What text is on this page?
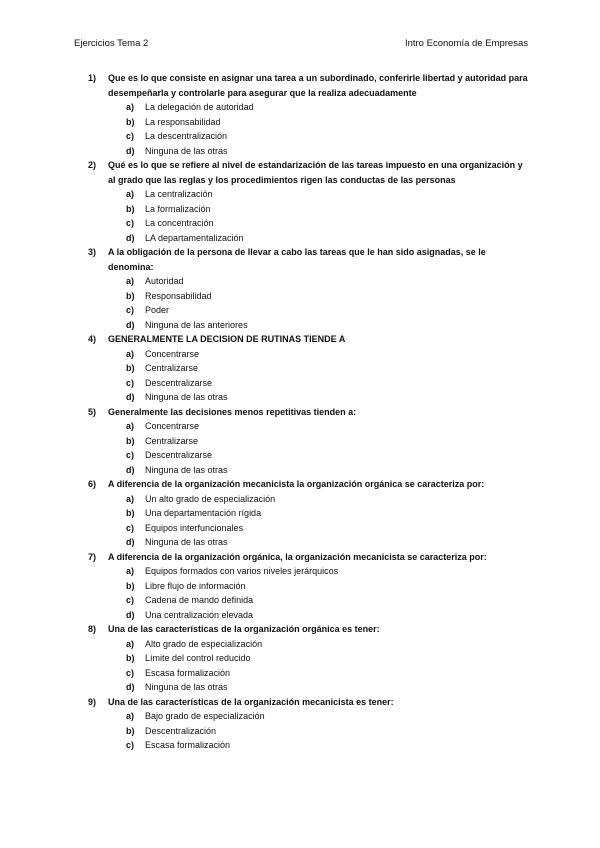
Ejercicios Tema 2	Intro Economía de Empresas
1) Que es lo que consiste en asignar una tarea a un subordinado, conferirle libertad y autoridad para desempeñarla y controlarle para asegurar que la realiza adecuadamente
a) La delegación de autoridad
b) La responsabilidad
c) La descentralización
d) Ninguna de las otras
2) Qué es lo que se refiere al nivel de estandarización de las tareas impuesto en una organización y al grado que las reglas y los procedimientos rigen las conductas de las personas
a) La centralización
b) La formalización
c) La concentración
d) LA departamentalización
3) A la obligación de la persona de llevar a cabo las tareas que le han sido asignadas, se le denomina:
a) Autoridad
b) Responsabilidad
c) Poder
d) Ninguna de las anteriores
4) GENERALMENTE LA DECISION DE RUTINAS TIENDE A
a) Concentrarse
b) Centralizarse
c) Descentralizarse
d) Ninguna de las otras
5) Generalmente las decisiones menos repetitivas tienden a:
a) Concentrarse
b) Centralizarse
c) Descentralizarse
d) Ninguna de las otras
6) A diferencia de la organización mecanicista la organización orgánica se caracteriza por:
a) Un alto grado de especialización
b) Una departamentación rígida
c) Equipos interfuncionales
d) Ninguna de las otras
7) A diferencia de la organización orgánica, la organización mecanicista se caracteriza por:
a) Equipos formados con varios niveles jerárquicos
b) Libre flujo de información
c) Cadena de mando definida
d) Una centralización elevada
8) Una de las características de la organización orgánica es tener:
a) Alto grado de especialización
b) Límite del control reducido
c) Escasa formalización
d) Ninguna de las otras
9) Una de las características de la organización mecanicista es tener:
a) Bajo grado de especialización
b) Descentralización
c) Escasa formalización
